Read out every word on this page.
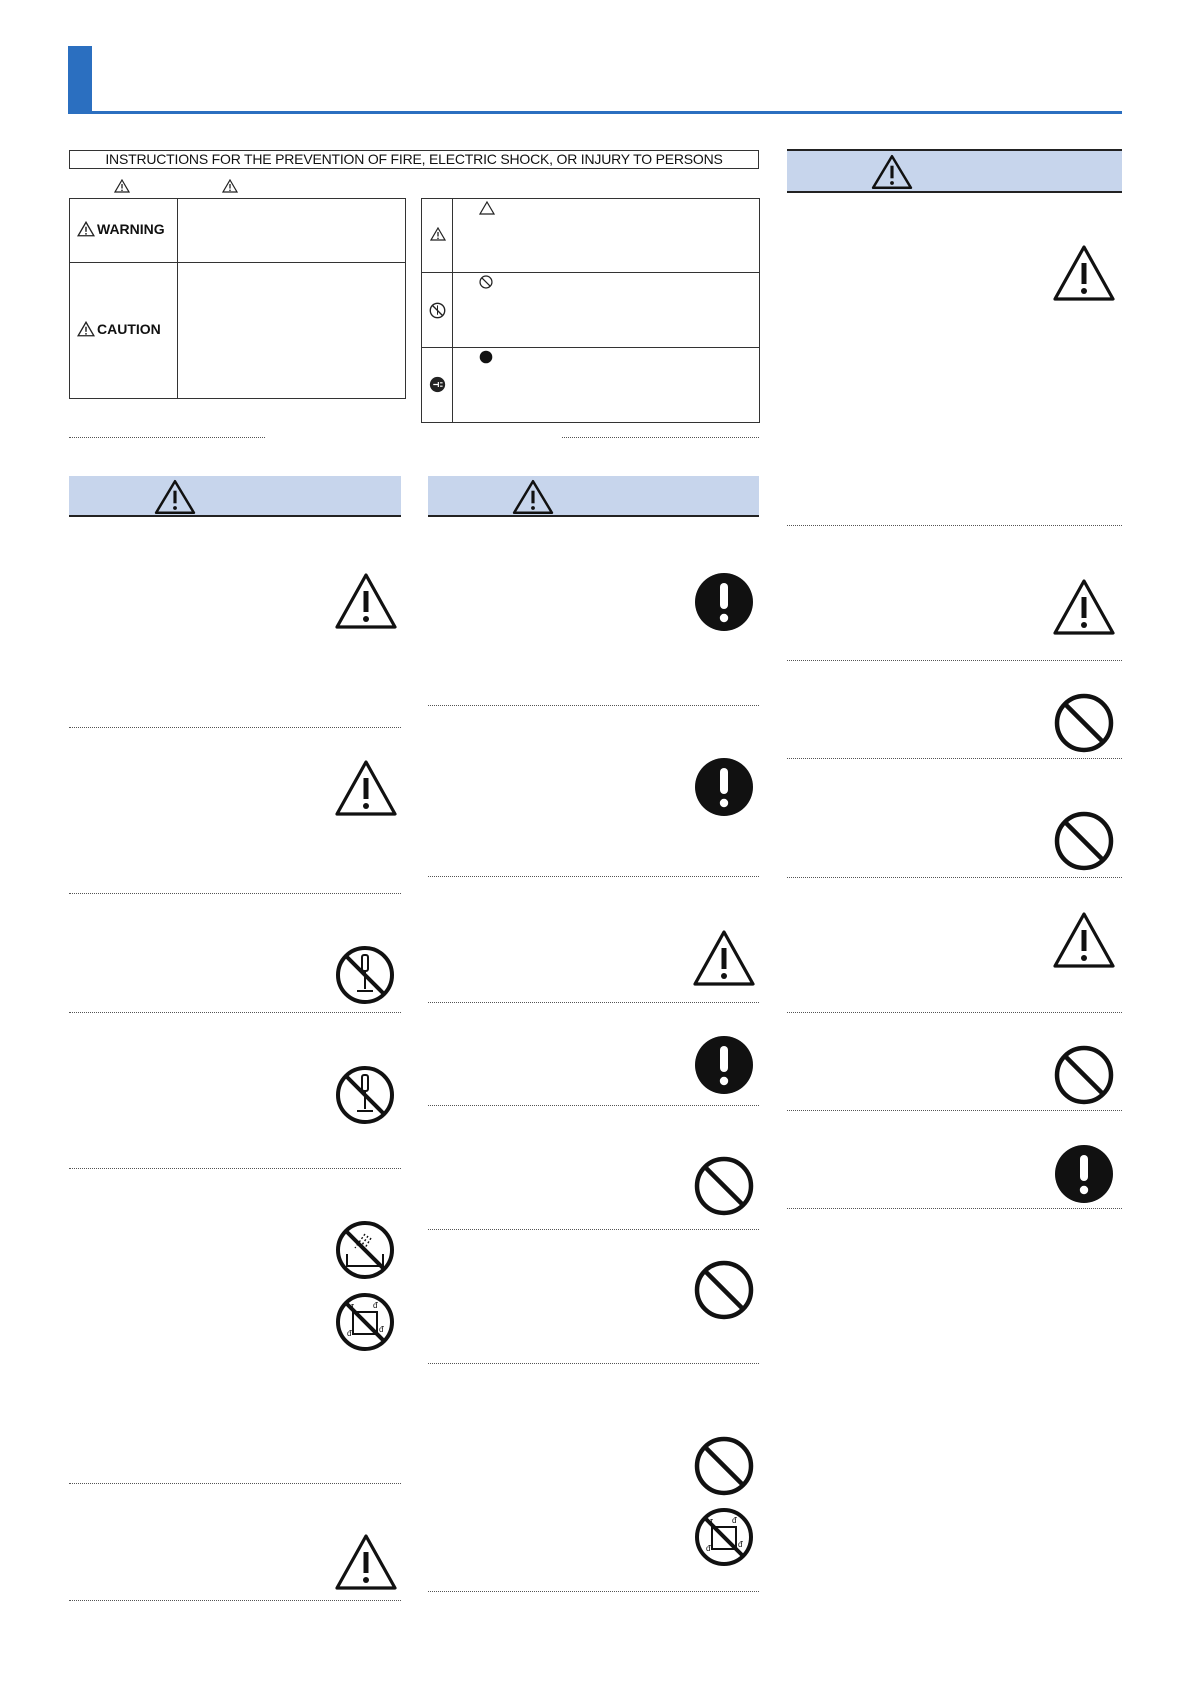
INSTRUCTIONS FOR THE PREVENTION OF FIRE, ELECTRIC SHOCK, OR INJURY TO PERSONS
WARNING
CAUTION
ᵭ
ᵭ
ᵭ
ᵭ
ᵭ
ᵭ
